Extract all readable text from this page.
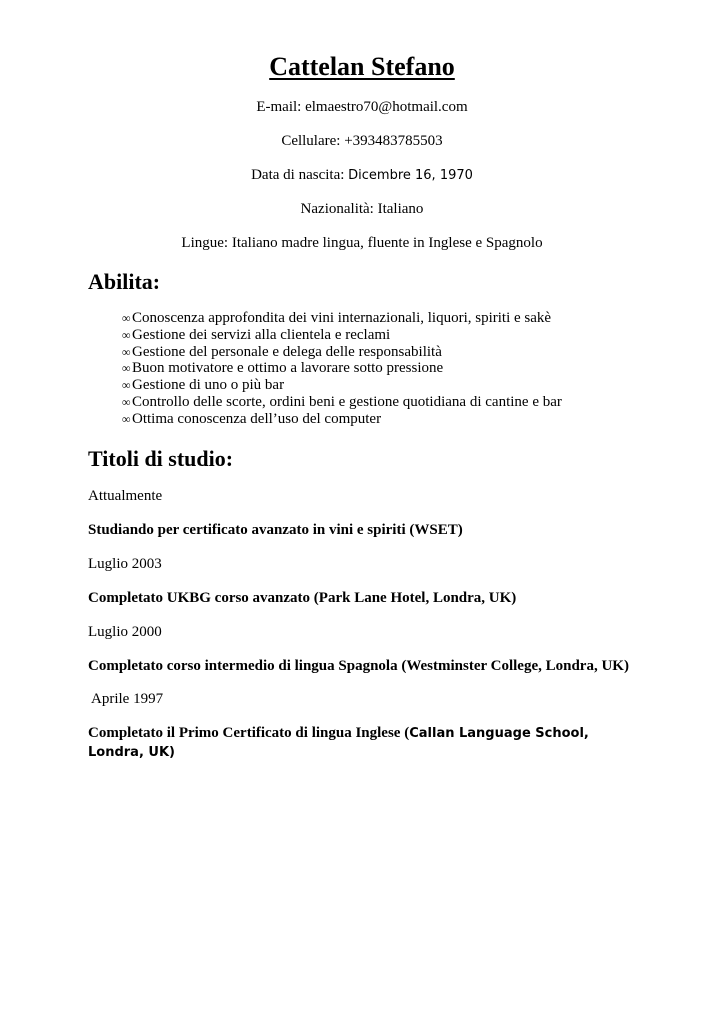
Cattelan Stefano
E-mail: elmaestro70@hotmail.com
Cellulare: +393483785503
Data di nascita: Dicembre 16, 1970
Nazionalità: Italiano
Lingue: Italiano madre lingua, fluente in Inglese e Spagnolo
Abilita:
∞Conoscenza approfondita dei vini internazionali, liquori, spiriti e sakè
∞Gestione dei servizi alla clientela e reclami
∞Gestione del personale e delega delle responsabilità
∞Buon motivatore e ottimo a lavorare sotto pressione
∞Gestione di uno o più bar
∞Controllo delle scorte, ordini beni e gestione quotidiana di cantine e bar
∞Ottima conoscenza dell’uso del computer
Titoli di studio:

Attualmente

Studiando per certificato avanzato in vini e spiriti (WSET)

Luglio 2003

Completato UKBG corso avanzato (Park Lane Hotel, Londra, UK)

Luglio 2000

Completato corso intermedio di lingua Spagnola (Westminster College, Londra, UK)

Aprile 1997

Completato il Primo Certificato di lingua Inglese (Callan Language School, Londra, UK)
